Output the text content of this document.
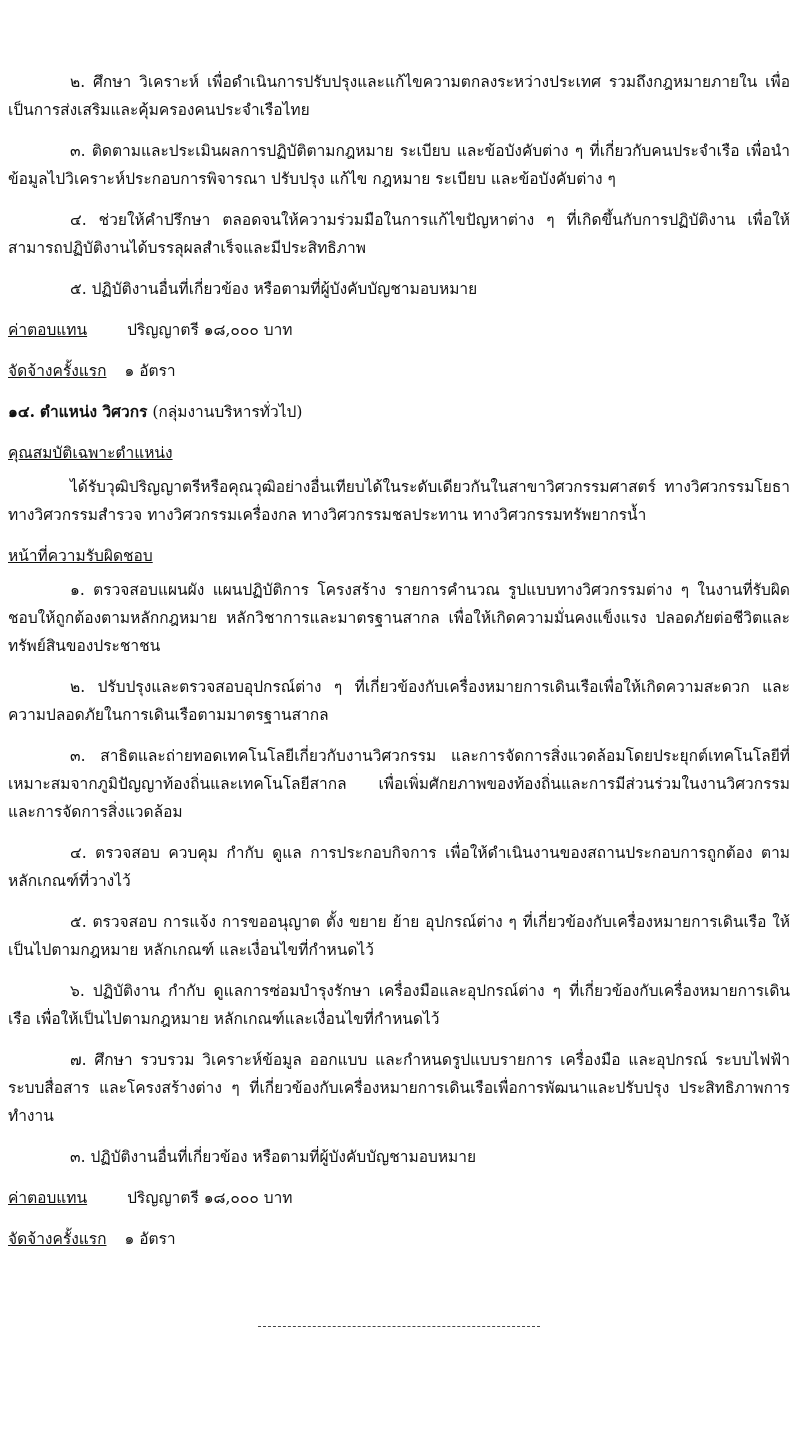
๒. ศึกษา วิเคราะห์ เพื่อดำเนินการปรับปรุงและแก้ไขความตกลงระหว่างประเทศ รวมถึงกฎหมายภายใน เพื่อเป็นการส่งเสริมและคุ้มครองคนประจำเรือไทย

๓. ติดตามและประเมินผลการปฏิบัติตามกฎหมาย ระเบียบ และข้อบังคับต่าง ๆ ที่เกี่ยวกับคนประจำเรือ เพื่อนำข้อมูลไปวิเคราะห์ประกอบการพิจารณา ปรับปรุง แก้ไข กฎหมาย ระเบียบ และข้อบังคับต่าง ๆ

๔. ช่วยให้คำปรึกษา ตลอดจนให้ความร่วมมือในการแก้ไขปัญหาต่าง ๆ ที่เกิดขึ้นกับการปฏิบัติงาน เพื่อให้สามารถปฏิบัติงานได้บรรลุผลสำเร็จและมีประสิทธิภาพ

๕. ปฏิบัติงานอื่นที่เกี่ยวข้อง หรือตามที่ผู้บังคับบัญชามอบหมาย

ค่าตอบแทน	ปริญญาตรี ๑๘,๐๐๐ บาท
จัดจ้างครั้งแรก ๑ อัตรา
๑๔. ตำแหน่ง วิศวกร (กลุ่มงานบริหารทั่วไป)
คุณสมบัติเฉพาะตำแหน่ง

ได้รับวุฒิปริญญาตรีหรือคุณวุฒิอย่างอื่นเทียบได้ในระดับเดียวกันในสาขาวิศวกรรมศาสตร์ ทางวิศวกรรมโยธา ทางวิศวกรรมสำรวจ ทางวิศวกรรมเครื่องกล ทางวิศวกรรมชลประทาน ทางวิศวกรรมทรัพยากรน้ำ

หน้าที่ความรับผิดชอบ

๑. ตรวจสอบแผนผัง แผนปฏิบัติการ โครงสร้าง รายการคำนวณ รูปแบบทางวิศวกรรมต่าง ๆ ในงานที่รับผิดชอบให้ถูกต้องตามหลักกฎหมาย หลักวิชาการและมาตรฐานสากล เพื่อให้เกิดความมั่นคงแข็งแรง ปลอดภัยต่อชีวิตและทรัพย์สินของประชาชน

๒. ปรับปรุงและตรวจสอบอุปกรณ์ต่าง ๆ ที่เกี่ยวข้องกับเครื่องหมายการเดินเรือเพื่อให้เกิดความสะดวก และความปลอดภัยในการเดินเรือตามมาตรฐานสากล

๓. สาธิตและถ่ายทอดเทคโนโลยีเกี่ยวกับงานวิศวกรรม และการจัดการสิ่งแวดล้อมโดยประยุกต์เทคโนโลยีที่เหมาะสมจากภูมิปัญญาท้องถิ่นและเทคโนโลยีสากล เพื่อเพิ่มศักยภาพของท้องถิ่นและการมีส่วนร่วมในงานวิศวกรรม และการจัดการสิ่งแวดล้อม

๔. ตรวจสอบ ควบคุม กำกับ ดูแล การประกอบกิจการ เพื่อให้ดำเนินงานของสถานประกอบการถูกต้อง ตามหลักเกณฑ์ที่วางไว้

๕. ตรวจสอบ การแจ้ง การขออนุญาต ตั้ง ขยาย ย้าย อุปกรณ์ต่าง ๆ ที่เกี่ยวข้องกับเครื่องหมายการเดินเรือ ให้เป็นไปตามกฎหมาย หลักเกณฑ์ และเงื่อนไขที่กำหนดไว้

๖. ปฏิบัติงาน กำกับ ดูแลการซ่อมบำรุงรักษา เครื่องมือและอุปกรณ์ต่าง ๆ ที่เกี่ยวข้องกับเครื่องหมายการเดินเรือ เพื่อให้เป็นไปตามกฎหมาย หลักเกณฑ์และเงื่อนไขที่กำหนดไว้

๗. ศึกษา รวบรวม วิเคราะห์ข้อมูล ออกแบบ และกำหนดรูปแบบรายการ เครื่องมือ และอุปกรณ์ ระบบไฟฟ้า ระบบสื่อสาร และโครงสร้างต่าง ๆ ที่เกี่ยวข้องกับเครื่องหมายการเดินเรือเพื่อการพัฒนาและปรับปรุง ประสิทธิภาพการทำงาน

๓. ปฏิบัติงานอื่นที่เกี่ยวข้อง หรือตามที่ผู้บังคับบัญชามอบหมาย

ค่าตอบแทน	ปริญญาตรี ๑๘,๐๐๐ บาท
จัดจ้างครั้งแรก ๑ อัตรา
